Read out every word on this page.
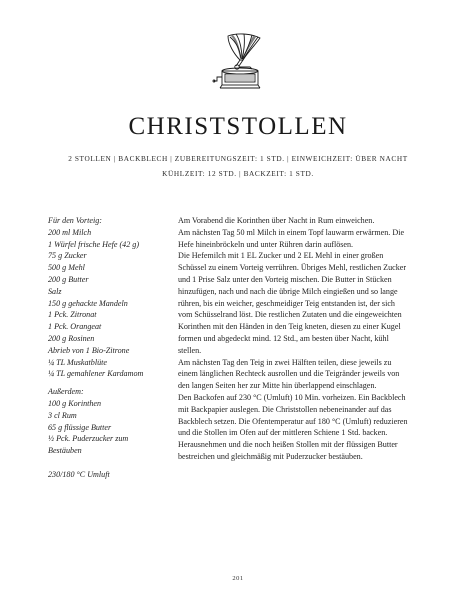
CHRISTSTOLLEN
2 STOLLEN | BACKBLECH | ZUBEREITUNGSZEIT: 1 STD. | EINWEICHZEIT: ÜBER NACHT
KÜHLZEIT: 12 STD. | BACKZEIT: 1 STD.
Für den Vorteig:
200 ml Milch
1 Würfel frische Hefe (42 g)
75 g Zucker
500 g Mehl
200 g Butter
Salz
150 g gehackte Mandeln
1 Pck. Zitronat
1 Pck. Orangeat
200 g Rosinen
Abrieb von 1 Bio-Zitrone
¼ TL Muskatblüte
¼ TL gemahlener Kardamom
Außerdem:
100 g Korinthen
3 cl Rum
65 g flüssige Butter
½ Pck. Puderzucker zum
Bestäuben
230/180 °C Umluft
Am Vorabend die Korinthen über Nacht in Rum einweichen.
Am nächsten Tag 50 ml Milch in einem Topf lauwarm erwärmen. Die
Hefe hineinbröckeln und unter Rühren darin auflösen.
Die Hefemilch mit 1 EL Zucker und 2 EL Mehl in einer großen
Schüssel zu einem Vorteig verrühren. Übriges Mehl, restlichen Zucker
und 1 Prise Salz unter den Vorteig mischen. Die Butter in Stücken
hinzufügen, nach und nach die übrige Milch eingießen und so lange
rühren, bis ein weicher, geschmeidiger Teig entstanden ist, der sich
vom Schüsselrand löst. Die restlichen Zutaten und die eingeweichten
Korinthen mit den Händen in den Teig kneten, diesen zu einer Kugel
formen und abgedeckt mind. 12 Std., am besten über Nacht, kühl
stellen.
Am nächsten Tag den Teig in zwei Hälften teilen, diese jeweils zu
einem länglichen Rechteck ausrollen und die Teigränder jeweils von
den langen Seiten her zur Mitte hin überlappend einschlagen.
Den Backofen auf 230 °C (Umluft) 10 Min. vorheizen. Ein Backblech
mit Backpapier auslegen. Die Christstollen nebeneinander auf das
Backblech setzen. Die Ofentemperatur auf 180 °C (Umluft) reduzieren
und die Stollen im Ofen auf der mittleren Schiene 1 Std. backen.
Herausnehmen und die noch heißen Stollen mit der flüssigen Butter
bestreichen und gleichmäßig mit Puderzucker bestäuben.
201
